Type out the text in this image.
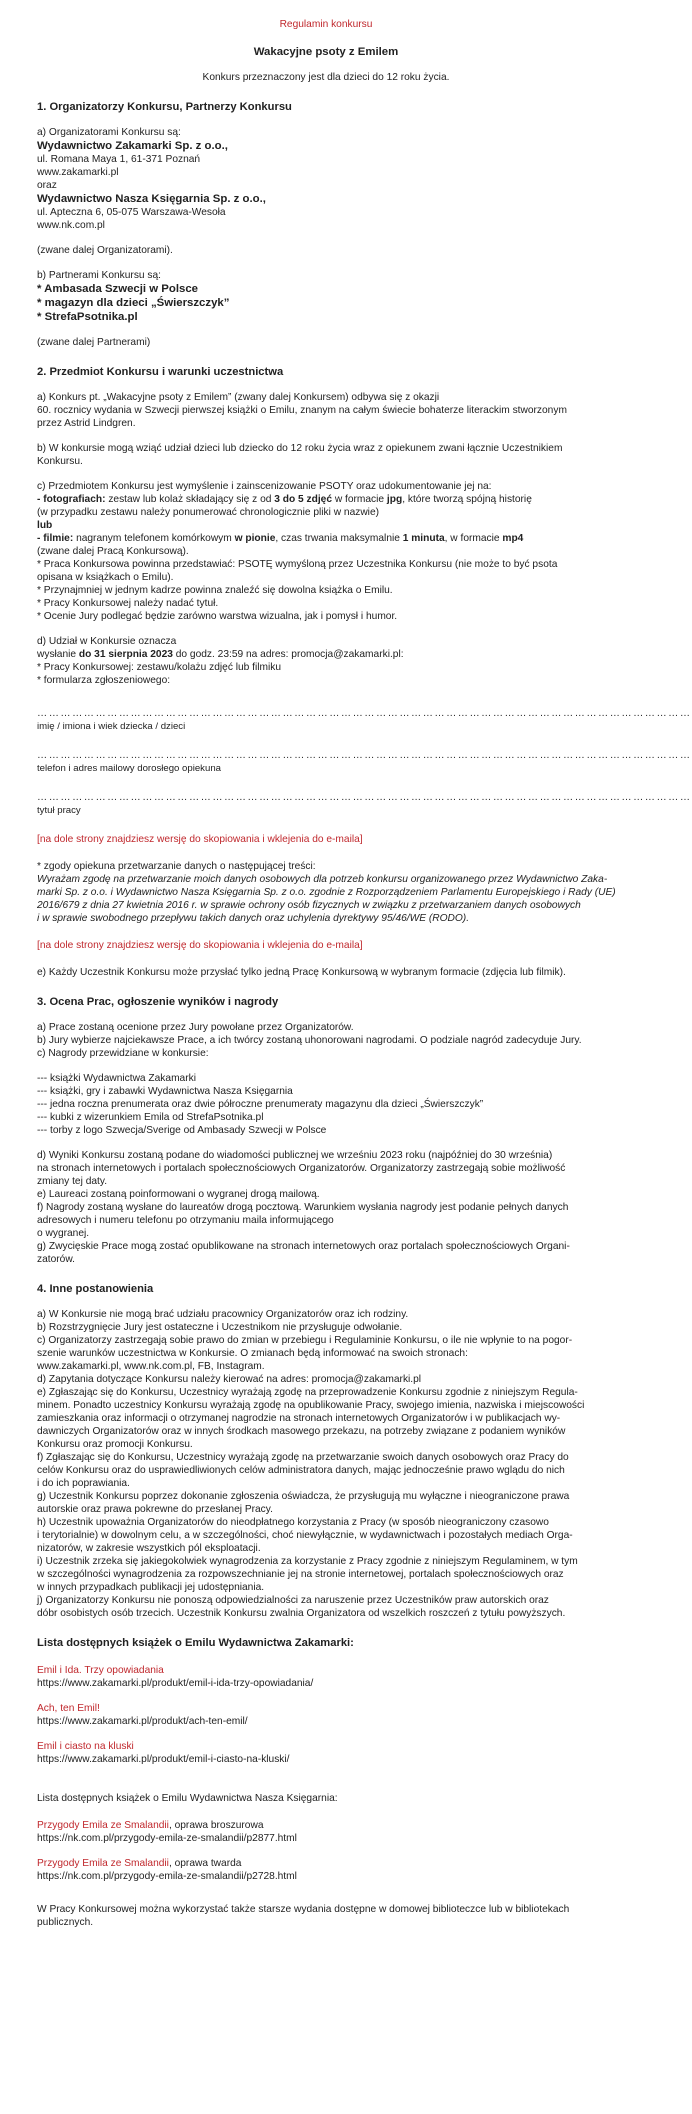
Regulamin konkursu

Wakacyjne psoty z Emilem

Konkurs przeznaczony jest dla dzieci do 12 roku życia.

1. Organizatorzy Konkursu, Partnerzy Konkursu

a) Organizatorami Konkursu są:

Wydawnictwo Zakamarki Sp. z o.o.,

ul. Romana Maya 1, 61-371 Poznań

www.zakamarki.pl

oraz

Wydawnictwo Nasza Księgarnia Sp. z o.o.,

ul. Apteczna 6, 05-075 Warszawa-Wesoła

www.nk.com.pl

(zwane dalej Organizatorami).

b) Partnerami Konkursu są:

* Ambasada Szwecji w Polsce

* magazyn dla dzieci „Świerszczyk”

* StrefaPsotnika.pl

(zwane dalej Partnerami)

2. Przedmiot Konkursu i warunki uczestnictwa

a) Konkurs pt. „Wakacyjne psoty z Emilem” (zwany dalej Konkursem) odbywa się z okazji

60. rocznicy wydania w Szwecji pierwszej książki o Emilu, znanym na całym świecie bohaterze literackim stworzonym

przez Astrid Lindgren.

b) W konkursie mogą wziąć udział dzieci lub dziecko do 12 roku życia wraz z opiekunem zwani łącznie Uczestnikiem

Konkursu.

c) Przedmiotem Konkursu jest wymyślenie i zainscenizowanie PSOTY oraz udokumentowanie jej na:

- fotografiach: zestaw lub kolaż składający się z od 3 do 5 zdjęć w formacie jpg, które tworzą spójną historię

(w przypadku zestawu należy ponumerować chronologicznie pliki w nazwie)

lub

- filmie: nagranym telefonem komórkowym w pionie, czas trwania maksymalnie 1 minuta, w formacie mp4

(zwane dalej Pracą Konkursową).

* Praca Konkursowa powinna przedstawiać: PSOTĘ wymyśloną przez Uczestnika Konkursu (nie może to być psota

opisana w książkach o Emilu).

* Przynajmniej w jednym kadrze powinna znaleźć się dowolna książka o Emilu.

* Pracy Konkursowej należy nadać tytuł.

* Ocenie Jury podlegać będzie zarówno warstwa wizualna, jak i pomysł i humor.

d) Udział w Konkursie oznacza

wysłanie do 31 sierpnia 2023 do godz. 23:59 na adres: promocja@zakamarki.pl:

* Pracy Konkursowej: zestawu/kolażu zdjęć lub filmiku

* formularza zgłoszeniowego:

……………………………………………………………………………………………………………………………………………………

imię / imiona i wiek dziecka / dzieci

……………………………………………………………………………………………………………………………………………………

telefon i adres mailowy dorosłego opiekuna

……………………………………………………………………………………………………………………………………………………

tytuł pracy

[na dole strony znajdziesz wersję do skopiowania i wklejenia do e-maila]

* zgody opiekuna przetwarzanie danych o następującej treści:

Wyrażam zgodę na przetwarzanie moich danych osobowych dla potrzeb konkursu organizowanego przez Wydawnictwo Zaka-

marki Sp. z o.o. i Wydawnictwo Nasza Księgarnia Sp. z o.o. zgodnie z Rozporządzeniem Parlamentu Europejskiego i Rady (UE)

2016/679 z dnia 27 kwietnia 2016 r. w sprawie ochrony osób fizycznych w związku z przetwarzaniem danych osobowych

i w sprawie swobodnego przepływu takich danych oraz uchylenia dyrektywy 95/46/WE (RODO).

[na dole strony znajdziesz wersję do skopiowania i wklejenia do e-maila]

e) Każdy Uczestnik Konkursu może przysłać tylko jedną Pracę Konkursową w wybranym formacie (zdjęcia lub filmik).

3. Ocena Prac, ogłoszenie wyników i nagrody

a) Prace zostaną ocenione przez Jury powołane przez Organizatorów.

b) Jury wybierze najciekawsze Prace, a ich twórcy zostaną uhonorowani nagrodami. O podziale nagród zadecyduje Jury.

c) Nagrody przewidziane w konkursie:

--- książki Wydawnictwa Zakamarki

--- książki, gry i zabawki Wydawnictwa Nasza Księgarnia

--- jedna roczna prenumerata oraz dwie półroczne prenumeraty magazynu dla dzieci „Świerszczyk”

--- kubki z wizerunkiem Emila od StrefaPsotnika.pl

--- torby z logo Szwecja/Sverige od Ambasady Szwecji w Polsce

d) Wyniki Konkursu zostaną podane do wiadomości publicznej we wrześniu 2023 roku (najpóźniej do 30 września)

na stronach internetowych i portalach społecznościowych Organizatorów. Organizatorzy zastrzegają sobie możliwość

zmiany tej daty.

e) Laureaci zostaną poinformowani o wygranej drogą mailową.

f) Nagrody zostaną wysłane do laureatów drogą pocztową. Warunkiem wysłania nagrody jest podanie pełnych danych

adresowych i numeru telefonu po otrzymaniu maila informującego

o wygranej.

g) Zwycięskie Prace mogą zostać opublikowane na stronach internetowych oraz portalach społecznościowych Organi-

zatorów.

4. Inne postanowienia

a) W Konkursie nie mogą brać udziału pracownicy Organizatorów oraz ich rodziny.

b) Rozstrzygnięcie Jury jest ostateczne i Uczestnikom nie przysługuje odwołanie.

c) Organizatorzy zastrzegają sobie prawo do zmian w przebiegu i Regulaminie Konkursu, o ile nie wpłynie to na pogor-

szenie warunków uczestnictwa w Konkursie. O zmianach będą informować na swoich stronach:

www.zakamarki.pl, www.nk.com.pl, FB, Instagram.

d) Zapytania dotyczące Konkursu należy kierować na adres: promocja@zakamarki.pl

e) Zgłaszając się do Konkursu, Uczestnicy wyrażają zgodę na przeprowadzenie Konkursu zgodnie z niniejszym Regula-

minem. Ponadto uczestnicy Konkursu wyrażają zgodę na opublikowanie Pracy, swojego imienia, nazwiska i miejscowości

zamieszkania oraz informacji o otrzymanej nagrodzie na stronach internetowych Organizatorów i w publikacjach wy-

dawniczych Organizatorów oraz w innych środkach masowego przekazu, na potrzeby związane z podaniem wyników

Konkursu oraz promocji Konkursu.

f) Zgłaszając się do Konkursu, Uczestnicy wyrażają zgodę na przetwarzanie swoich danych osobowych oraz Pracy do

celów Konkursu oraz do usprawiedliwionych celów administratora danych, mając jednocześnie prawo wglądu do nich

i do ich poprawiania.

g) Uczestnik Konkursu poprzez dokonanie zgłoszenia oświadcza, że przysługują mu wyłączne i nieograniczone prawa

autorskie oraz prawa pokrewne do przesłanej Pracy.

h) Uczestnik upoważnia Organizatorów do nieodpłatnego korzystania z Pracy (w sposób nieograniczony czasowo

i terytorialnie) w dowolnym celu, a w szczególności, choć niewyłącznie, w wydawnictwach i pozostałych mediach Orga-

nizatorów, w zakresie wszystkich pól eksploatacji.

i) Uczestnik zrzeka się jakiegokolwiek wynagrodzenia za korzystanie z Pracy zgodnie z niniejszym Regulaminem, w tym

w szczególności wynagrodzenia za rozpowszechnianie jej na stronie internetowej, portalach społecznościowych oraz

w innych przypadkach publikacji jej udostępniania.

j) Organizatorzy Konkursu nie ponoszą odpowiedzialności za naruszenie przez Uczestników praw autorskich oraz

dóbr osobistych osób trzecich. Uczestnik Konkursu zwalnia Organizatora od wszelkich roszczeń z tytułu powyższych.

Lista dostępnych książek o Emilu Wydawnictwa Zakamarki:

Emil i Ida. Trzy opowiadania

https://www.zakamarki.pl/produkt/emil-i-ida-trzy-opowiadania/

Ach, ten Emil!

https://www.zakamarki.pl/produkt/ach-ten-emil/

Emil i ciasto na kluski

https://www.zakamarki.pl/produkt/emil-i-ciasto-na-kluski/

Lista dostępnych książek o Emilu Wydawnictwa Nasza Księgarnia:

Przygody Emila ze Smalandii, oprawa broszurowa

https://nk.com.pl/przygody-emila-ze-smalandii/p2877.html

Przygody Emila ze Smalandii, oprawa twarda

https://nk.com.pl/przygody-emila-ze-smalandii/p2728.html

W Pracy Konkursowej można wykorzystać także starsze wydania dostępne w domowej biblioteczce lub w bibliotekach

publicznych.
